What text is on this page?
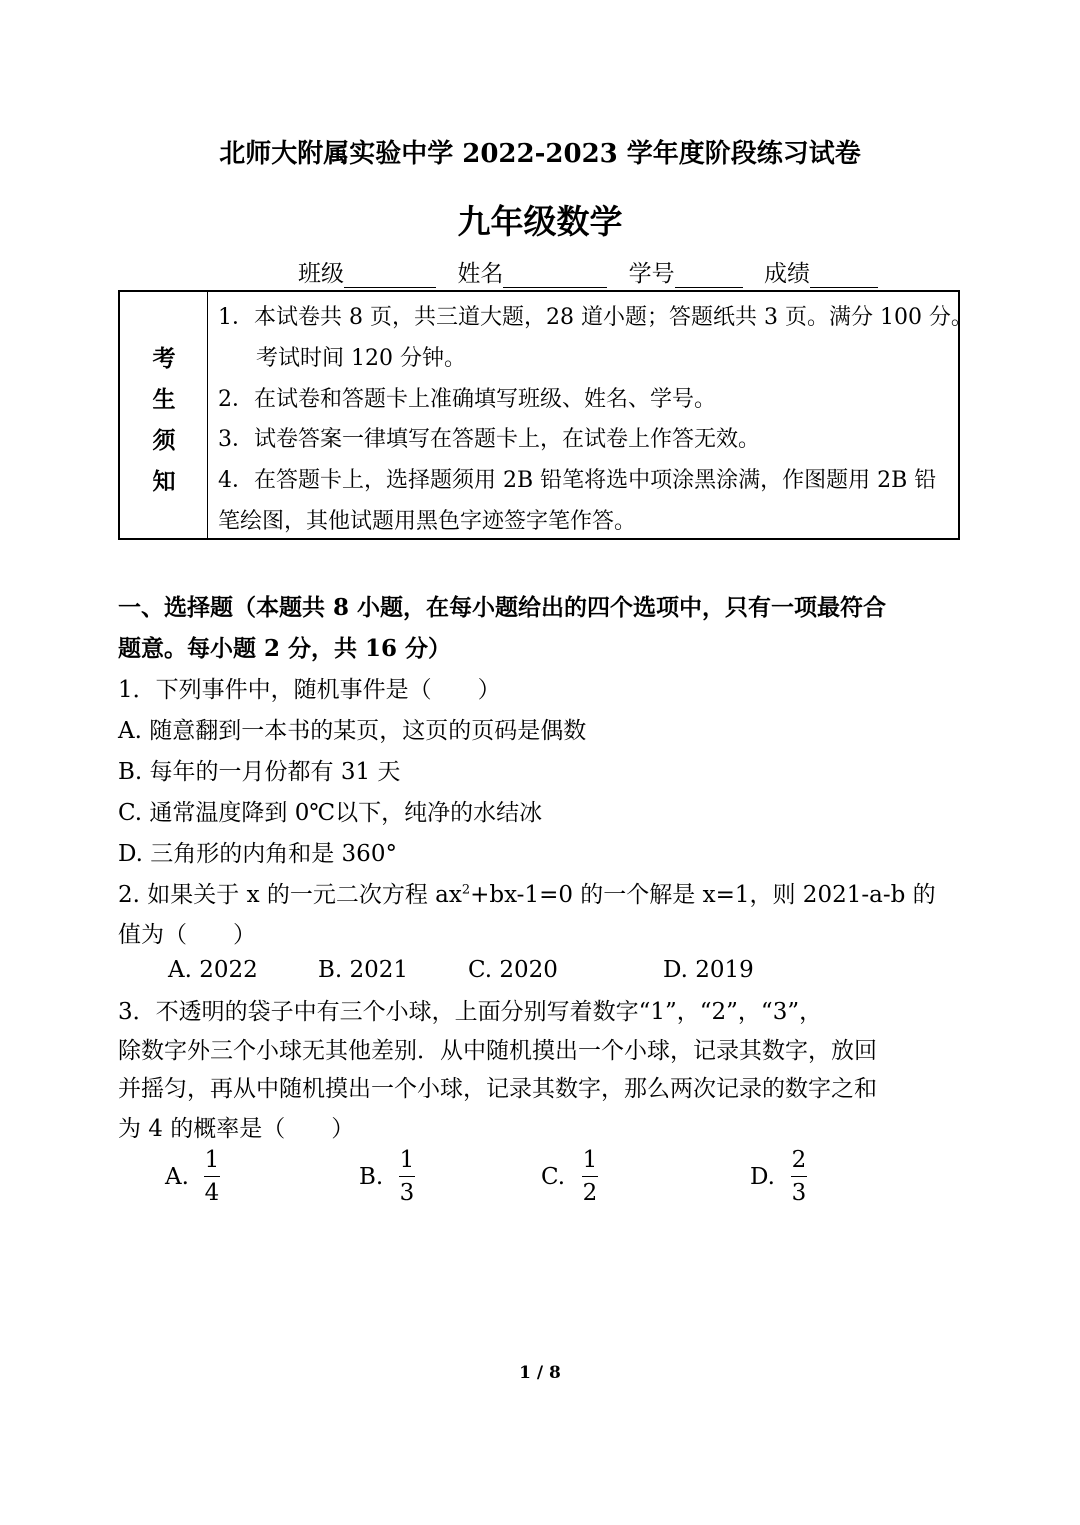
北师大附属实验中学 2022-2023 学年度阶段练习试卷
九年级数学
班级	姓名	学号	成绩
考
生
须
知
1．本试卷共 8 页，共三道大题，28 道小题；答题纸共 3 页。满分 100 分。
考试时间 120 分钟。
2．在试卷和答题卡上准确填写班级、姓名、学号。
3．试卷答案一律填写在答题卡上，在试卷上作答无效。
4．在答题卡上，选择题须用 2B 铅笔将选中项涂黑涂满，作图题用 2B 铅
笔绘图，其他试题用黑色字迹签字笔作答。
一、选择题（本题共 8 小题，在每小题给出的四个选项中，只有一项最符合
题意。每小题 2 分，共 16 分）
1．下列事件中，随机事件是（　　）
A. 随意翻到一本书的某页，这页的页码是偶数
B. 每年的一月份都有 31 天
C. 通常温度降到 0℃以下，纯净的水结冰
D. 三角形的内角和是 360°
2. 如果关于 x 的一元二次方程 $ax^2+bx-1=0$ 的一个解是 x=1，则 2021-a-b 的
值为（　　）
A. 2022	B. 2021	C. 2020	D. 2019
3．不透明的袋子中有三个小球，上面分别写着数字“1”，“2”，“3”，
除数字外三个小球无其他差别．从中随机摸出一个小球，记录其数字，放回
并摇匀，再从中随机摸出一个小球，记录其数字，那么两次记录的数字之和
为 4 的概率是（　　）
A.
1
4
B.
1
3
C.
1
2
D.
2
3
1 / 8
